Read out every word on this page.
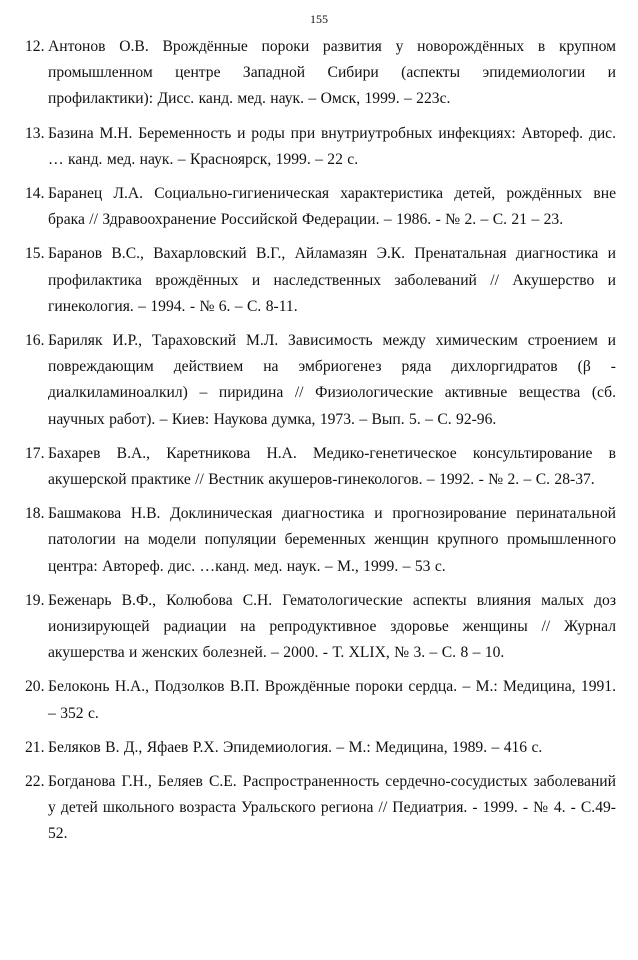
155
12. Антонов О.В. Врождённые пороки развития у новорождённых в крупном промышленном центре Западной Сибири (аспекты эпидемиологии и профилактики): Дисс. канд. мед. наук. – Омск, 1999. – 223с.
13. Базина М.Н. Беременность и роды при внутриутробных инфекциях: Автореф. дис. … канд. мед. наук. – Красноярск, 1999. – 22 с.
14. Баранец Л.А. Социально-гигиеническая характеристика детей, рождённых вне брака // Здравоохранение Российской Федерации. – 1986. - № 2. – С. 21 – 23.
15. Баранов В.С., Вахарловский В.Г., Айламазян Э.К. Пренатальная диагностика и профилактика врождённых и наследственных заболеваний // Акушерство и гинекология. – 1994. - № 6. – С. 8-11.
16. Бариляк И.Р., Тараховский М.Л. Зависимость между химическим строением и повреждающим действием на эмбриогенез ряда дихлоргидратов (β - диалкиламиноалкил) – пиридина // Физиологические активные вещества (сб. научных работ). – Киев: Наукова думка, 1973. – Вып. 5. – С. 92-96.
17. Бахарев В.А., Каретникова Н.А. Медико-генетическое консультирование в акушерской практике // Вестник акушеров-гинекологов. – 1992. - № 2. – С. 28-37.
18. Башмакова Н.В. Доклиническая диагностика и прогнозирование перинатальной патологии на модели популяции беременных женщин крупного промышленного центра: Автореф. дис. …канд. мед. наук. – М., 1999. – 53 с.
19. Беженарь В.Ф., Колюбова С.Н. Гематологические аспекты влияния малых доз ионизирующей радиации на репродуктивное здоровье женщины // Журнал акушерства и женских болезней. – 2000. - Т. XLIX, № 3. – С. 8 – 10.
20. Белоконь Н.А., Подзолков В.П. Врождённые пороки сердца. – М.: Медицина, 1991. – 352 с.
21. Беляков В. Д., Яфаев Р.Х. Эпидемиология. – М.: Медицина, 1989. – 416 с.
22. Богданова Г.Н., Беляев С.Е. Распространенность сердечно-сосудистых заболеваний у детей школьного возраста Уральского региона // Педиатрия. - 1999. - № 4. - С.49-52.
